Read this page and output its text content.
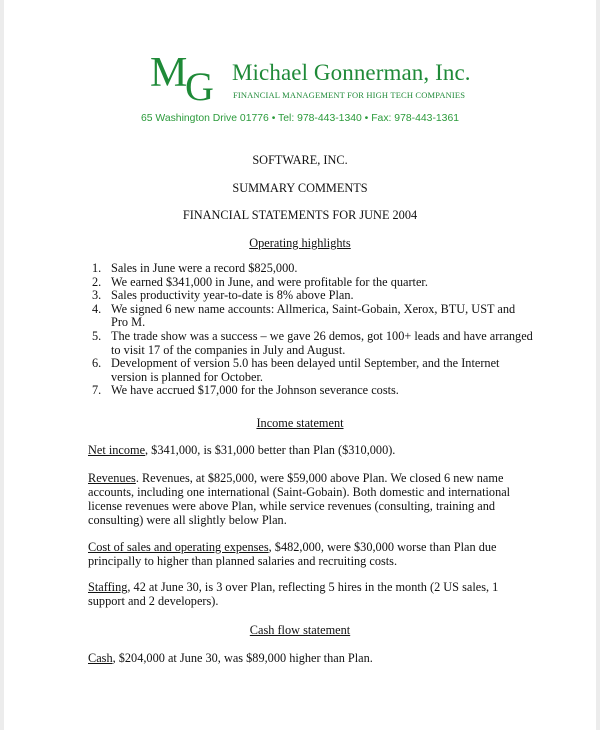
M
G Michael Gonnerman, Inc.
FINANCIAL MANAGEMENT FOR HIGH TECH COMPANIES
65 Washington Drive 01776 • Tel: 978-443-1340 • Fax: 978-443-1361
SOFTWARE, INC.
SUMMARY COMMENTS
FINANCIAL STATEMENTS FOR JUNE 2004
Operating highlights
1. Sales in June were a record $825,000.
2. We earned $341,000 in June, and were profitable for the quarter.
3. Sales productivity year-to-date is 8% above Plan.
4. We signed 6 new name accounts: Allmerica, Saint-Gobain, Xerox, BTU, UST and
Pro M.
5. The trade show was a success – we gave 26 demos, got 100+ leads and have arranged
to visit 17 of the companies in July and August.
6. Development of version 5.0 has been delayed until September, and the Internet
version is planned for October.
7. We have accrued $17,000 for the Johnson severance costs.
Income statement
Net income, $341,000, is $31,000 better than Plan ($310,000).
Revenues. Revenues, at $825,000, were $59,000 above Plan. We closed 6 new name
accounts, including one international (Saint-Gobain). Both domestic and international
license revenues were above Plan, while service revenues (consulting, training and
consulting) were all slightly below Plan.
Cost of sales and operating expenses, $482,000, were $30,000 worse than Plan due
principally to higher than planned salaries and recruiting costs.
Staffing, 42 at June 30, is 3 over Plan, reflecting 5 hires in the month (2 US sales, 1
support and 2 developers).
Cash flow statement
Cash, $204,000 at June 30, was $89,000 higher than Plan.
